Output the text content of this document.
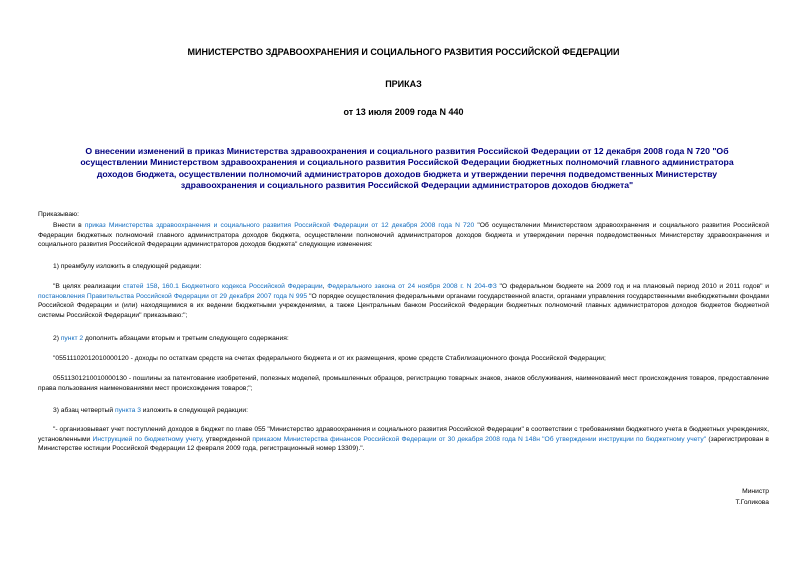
МИНИСТЕРСТВО ЗДРАВООХРАНЕНИЯ И СОЦИАЛЬНОГО РАЗВИТИЯ РОССИЙСКОЙ ФЕДЕРАЦИИ
ПРИКАЗ
от 13 июля 2009 года N 440
О внесении изменений в приказ Министерства здравоохранения и социального развития Российской Федерации от 12 декабря 2008 года N 720 "Об осуществлении Министерством здравоохранения и социального развития Российской Федерации бюджетных полномочий главного администратора доходов бюджета, осуществлении полномочий администраторов доходов бюджета и утверждении перечня подведомственных Министерству здравоохранения и социального развития Российской Федерации администраторов доходов бюджета"
Приказываю:
Внести в приказ Министерства здравоохранения и социального развития Российской Федерации от 12 декабря 2008 года N 720 "Об осуществлении Министерством здравоохранения и социального развития Российской Федерации бюджетных полномочий главного администратора доходов бюджета, осуществлении полномочий администраторов доходов бюджета и утверждении перечня подведомственных Министерству здравоохранения и социального развития Российской Федерации администраторов доходов бюджета" следующие изменения:
1) преамбулу изложить в следующей редакции:
"В целях реализации статей 158, 160.1 Бюджетного кодекса Российской Федерации, Федерального закона от 24 ноября 2008 г. N 204-ФЗ "О федеральном бюджете на 2009 год и на плановый период 2010 и 2011 годов" и постановления Правительства Российской Федерации от 29 декабря 2007 года N 995 "О порядке осуществления федеральными органами государственной власти, органами управления государственными внебюджетными фондами Российской Федерации и (или) находящимися в их ведении бюджетными учреждениями, а также Центральным банком Российской Федерации бюджетных полномочий главных администраторов доходов бюджетов бюджетной системы Российской Федерации" приказываю:";
2) пункт 2 дополнить абзацами вторым и третьим следующего содержания:
"05511102012010000120 - доходы по остаткам средств на счетах федерального бюджета и от их размещения, кроме средств Стабилизационного фонда Российской Федерации;
05511301210010000130 - пошлины за патентование изобретений, полезных моделей, промышленных образцов, регистрацию товарных знаков, знаков обслуживания, наименований мест происхождения товаров, предоставление права пользования наименованиями мест происхождения товаров;";
3) абзац четвертый пункта 3 изложить в следующей редакции:
"- организовывает учет поступлений доходов в бюджет по главе 055 "Министерство здравоохранения и социального развития Российской Федерации" в соответствии с требованиями бюджетного учета в бюджетных учреждениях, установленными Инструкцией по бюджетному учету, утвержденной приказом Министерства финансов Российской Федерации от 30 декабря 2008 года N 148н "Об утверждении инструкции по бюджетному учету" (зарегистрирован в Министерстве юстиции Российской Федерации 12 февраля 2009 года, регистрационный номер 13309).".
Министр
Т.Голикова
